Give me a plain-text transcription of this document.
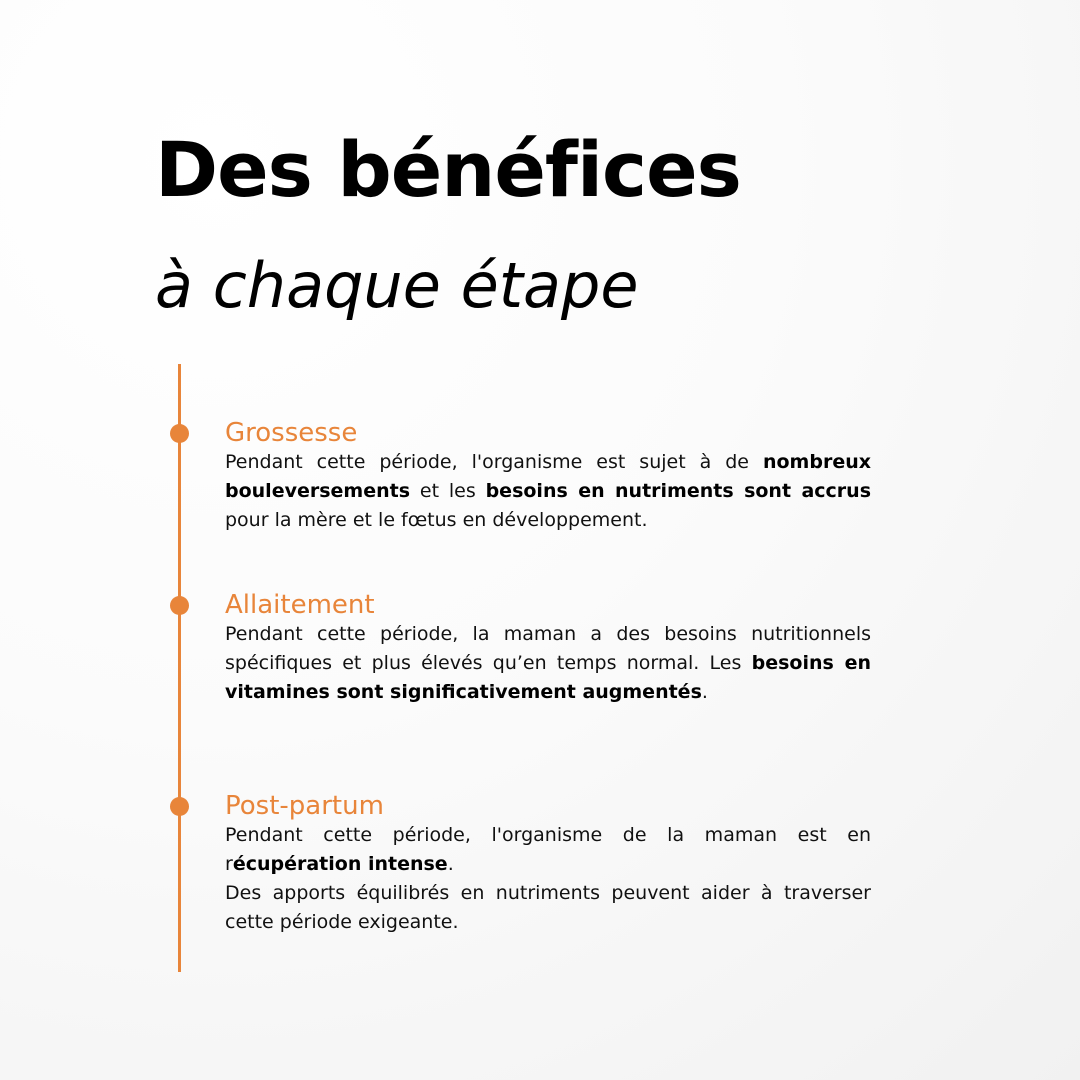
Des bénéfices
à chaque étape
Grossesse

Pendant cette période, l'organisme est sujet à de nombreux bouleversements et les besoins en nutriments sont accrus pour la mère et le fœtus en développement.

Allaitement

Pendant cette période, la maman a des besoins nutritionnels spécifiques et plus élevés qu’en temps normal. Les besoins en vitamines sont significativement augmentés.

Post-partum

Pendant cette période, l'organisme de la maman est en récupération intense.
Des apports équilibrés en nutriments peuvent aider à traverser cette période exigeante.
